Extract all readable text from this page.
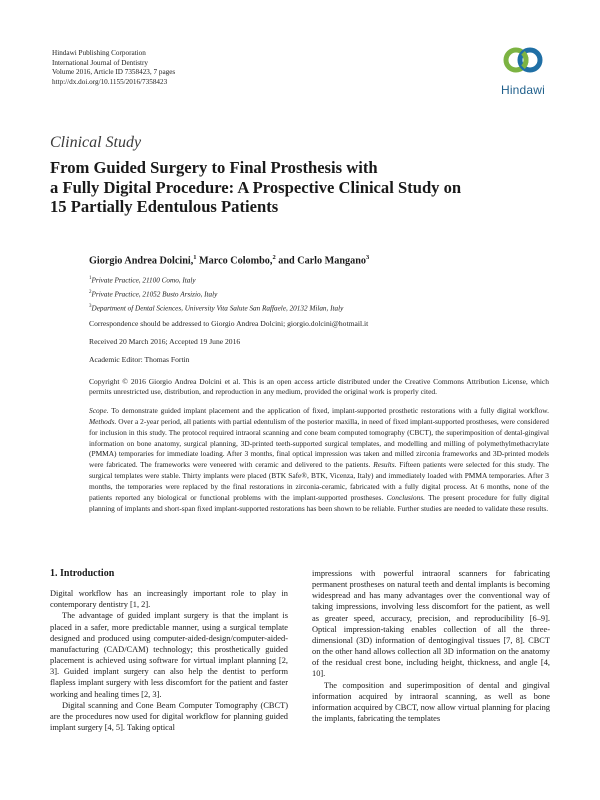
Hindawi Publishing Corporation
International Journal of Dentistry
Volume 2016, Article ID 7358423, 7 pages
http://dx.doi.org/10.1155/2016/7358423
Hindawi
Clinical Study
From Guided Surgery to Final Prosthesis with
a Fully Digital Procedure: A Prospective Clinical Study on
15 Partially Edentulous Patients
Giorgio Andrea Dolcini,$^1$ Marco Colombo,$^2$ and Carlo Mangano$^3$
$^1$Private Practice, 21100 Como, Italy
$^2$Private Practice, 21052 Busto Arsizio, Italy
$^3$Department of Dental Sciences, University Vita Salute San Raffaele, 20132 Milan, Italy
Correspondence should be addressed to Giorgio Andrea Dolcini; giorgio.dolcini@hotmail.it
Received 20 March 2016; Accepted 19 June 2016
Academic Editor: Thomas Fortin
Copyright © 2016 Giorgio Andrea Dolcini et al. This is an open access article distributed under the Creative Commons Attribution License, which permits unrestricted use, distribution, and reproduction in any medium, provided the original work is properly cited.
Scope. To demonstrate guided implant placement and the application of fixed, implant-supported prosthetic restorations with a fully digital workflow. Methods. Over a 2-year period, all patients with partial edentulism of the posterior maxilla, in need of fixed implant-supported prostheses, were considered for inclusion in this study. The protocol required intraoral scanning and cone beam computed tomography (CBCT), the superimposition of dental-gingival information on bone anatomy, surgical planning, 3D-printed teeth-supported surgical templates, and modelling and milling of polymethylmethacrylate (PMMA) temporaries for immediate loading. After 3 months, final optical impression was taken and milled zirconia frameworks and 3D-printed models were fabricated. The frameworks were veneered with ceramic and delivered to the patients. Results. Fifteen patients were selected for this study. The surgical templates were stable. Thirty implants were placed (BTK Safe®, BTK, Vicenza, Italy) and immediately loaded with PMMA temporaries. After 3 months, the temporaries were replaced by the final restorations in zirconia-ceramic, fabricated with a fully digital process. At 6 months, none of the patients reported any biological or functional problems with the implant-supported prostheses. Conclusions. The present procedure for fully digital planning of implants and short-span fixed implant-supported restorations has been shown to be reliable. Further studies are needed to validate these results.
1. Introduction

Digital workflow has an increasingly important role to play in contemporary dentistry [1, 2].

The advantage of guided implant surgery is that the implant is placed in a safer, more predictable manner, using a surgical template designed and produced using computer-aided-design/computer-aided-manufacturing (CAD/CAM) technology; this prosthetically guided placement is achieved using software for virtual implant planning [2, 3]. Guided implant surgery can also help the dentist to perform flapless implant surgery with less discomfort for the patient and faster working and healing times [2, 3].

Digital scanning and Cone Beam Computer Tomography (CBCT) are the procedures now used for digital workflow for planning guided implant surgery [4, 5]. Taking optical

impressions with powerful intraoral scanners for fabricating permanent prostheses on natural teeth and dental implants is becoming widespread and has many advantages over the conventional way of taking impressions, involving less discomfort for the patient, as well as greater speed, accuracy, precision, and reproducibility [6–9]. Optical impression-taking enables collection of all the three-dimensional (3D) information of dentogingival tissues [7, 8]. CBCT on the other hand allows collection all 3D information on the anatomy of the residual crest bone, including height, thickness, and angle [4, 10].

The composition and superimposition of dental and gingival information acquired by intraoral scanning, as well as bone information acquired by CBCT, now allow virtual planning for placing the implants, fabricating the templates
